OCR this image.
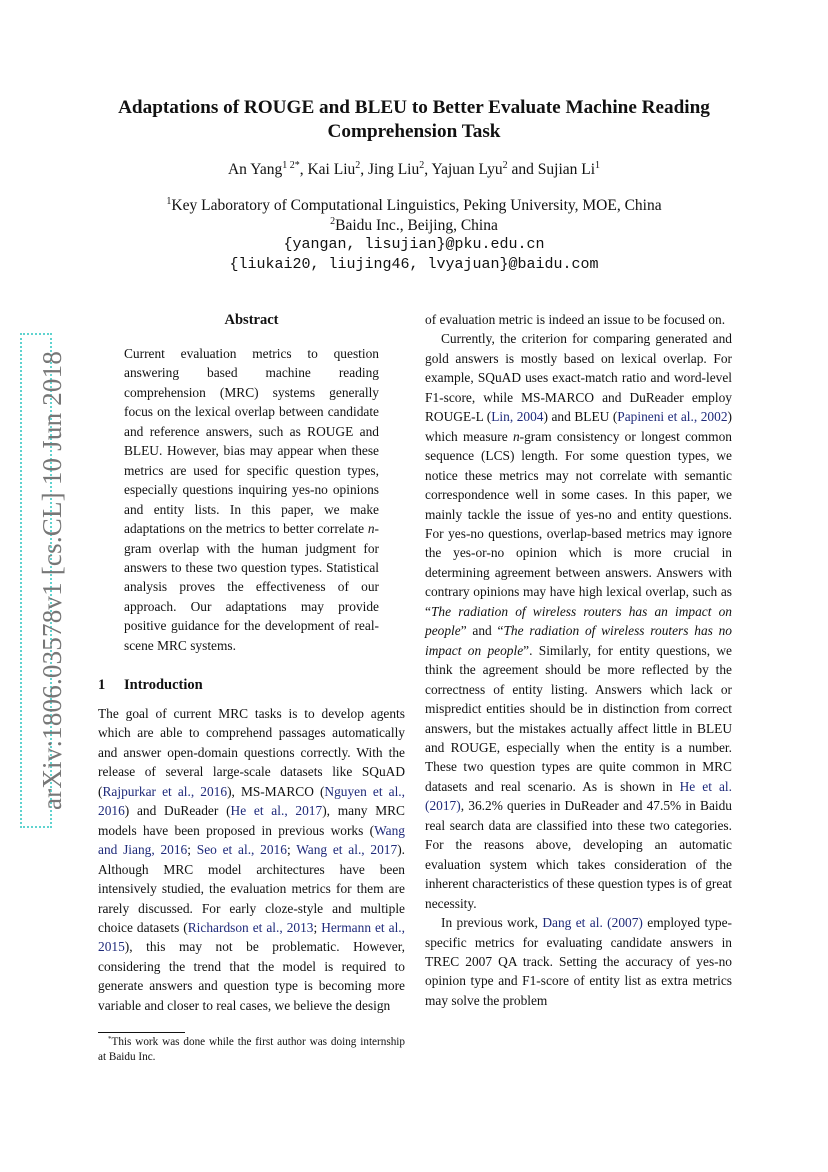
arXiv:1806.03578v1 [cs.CL] 10 Jun 2018
Adaptations of ROUGE and BLEU to Better Evaluate Machine Reading
Comprehension Task
An Yang$^{1 2*}$, Kai Liu$^2$, Jing Liu$^2$, Yajuan Lyu$^2$ and Sujian Li$^1$
$^1$Key Laboratory of Computational Linguistics, Peking University, MOE, China
$^2$Baidu Inc., Beijing, China
{yangan, lisujian}@pku.edu.cn
{liukai20, liujing46, lvyajuan}@baidu.com
Abstract
Current evaluation metrics to question answering based machine reading comprehension (MRC) systems generally focus on the lexical overlap between candidate and reference answers, such as ROUGE and BLEU. However, bias may appear when these metrics are used for specific question types, especially questions inquiring yes-no opinions and entity lists. In this paper, we make adaptations on the metrics to better correlate n-gram overlap with the human judgment for answers to these two question types. Statistical analysis proves the effectiveness of our approach. Our adaptations may provide positive guidance for the development of real-scene MRC systems.
1 Introduction

The goal of current MRC tasks is to develop agents which are able to comprehend passages automatically and answer open-domain questions correctly. With the release of several large-scale datasets like SQuAD (Rajpurkar et al., 2016), MS-MARCO (Nguyen et al., 2016) and DuReader (He et al., 2017), many MRC models have been proposed in previous works (Wang and Jiang, 2016; Seo et al., 2016; Wang et al., 2017). Although MRC model architectures have been intensively studied, the evaluation metrics for them are rarely discussed. For early cloze-style and multiple choice datasets (Richardson et al., 2013; Hermann et al., 2015), this may not be problematic. However, considering the trend that the model is required to generate answers and question type is becoming more variable and closer to real cases, we believe the design

*This work was done while the first author was doing internship at Baidu Inc.

of evaluation metric is indeed an issue to be focused on.

Currently, the criterion for comparing generated and gold answers is mostly based on lexical overlap. For example, SQuAD uses exact-match ratio and word-level F1-score, while MS-MARCO and DuReader employ ROUGE-L (Lin, 2004) and BLEU (Papineni et al., 2002) which measure n-gram consistency or longest common sequence (LCS) length. For some question types, we notice these metrics may not correlate with semantic correspondence well in some cases. In this paper, we mainly tackle the issue of yes-no and entity questions. For yes-no questions, overlap-based metrics may ignore the yes-or-no opinion which is more crucial in determining agreement between answers. Answers with contrary opinions may have high lexical overlap, such as “The radiation of wireless routers has an impact on people” and “The radiation of wireless routers has no impact on people”. Similarly, for entity questions, we think the agreement should be more reflected by the correctness of entity listing. Answers which lack or mispredict entities should be in distinction from correct answers, but the mistakes actually affect little in BLEU and ROUGE, especially when the entity is a number. These two question types are quite common in MRC datasets and real scenario. As is shown in He et al. (2017), 36.2% queries in DuReader and 47.5% in Baidu real search data are classified into these two categories. For the reasons above, developing an automatic evaluation system which takes consideration of the inherent characteristics of these question types is of great necessity.

In previous work, Dang et al. (2007) employed type-specific metrics for evaluating candidate answers in TREC 2007 QA track. Setting the accuracy of yes-no opinion type and F1-score of entity list as extra metrics may solve the problem
